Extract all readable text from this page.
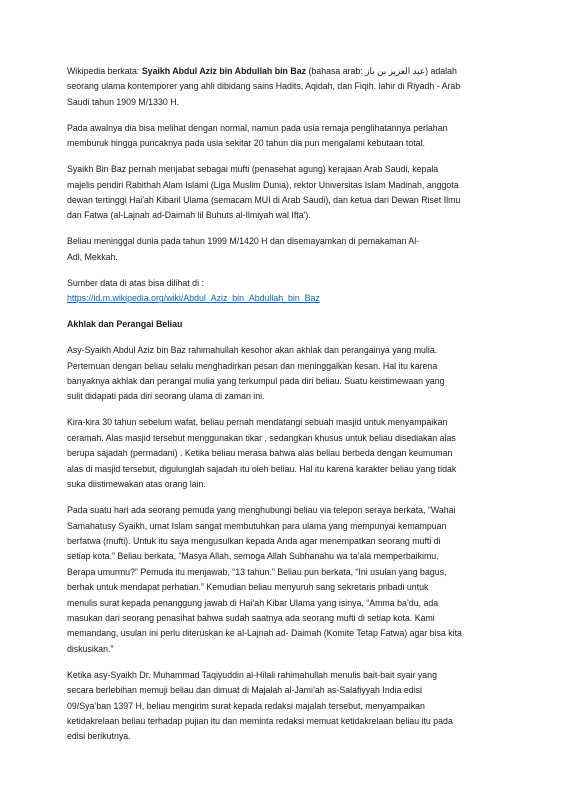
Wikipedia berkata: Syaikh Abdul Aziz bin Abdullah bin Baz (bahasa arab: عبد العزيز بن باز) adalah
seorang ulama kontemporer yang ahli dibidang sains Hadits, Aqidah, dan Fiqih. lahir di Riyadh - Arab
Saudi tahun 1909 M/1330 H.

Pada awalnya dia bisa melihat dengan normal, namun pada usia remaja penglihatannya perlahan
memburuk hingga puncaknya pada usia sekitar 20 tahun dia pun mengalami kebutaan total.

Syaikh Bin Baz pernah menjabat sebagai mufti (penasehat agung) kerajaan Arab Saudi, kepala
majelis pendiri Rabithah Alam Islami (Liga Muslim Dunia), rektor Universitas Islam Madinah, anggota
dewan tertinggi Hai'ah Kibaril Ulama (semacam MUI di Arab Saudi), dan ketua dari Dewan Riset Ilmu
dan Fatwa (al-Lajnah ad-Daimah lil Buhuts al-Ilmiyah wal Ifta').

Beliau meninggal dunia pada tahun 1999 M/1420 H dan disemayamkan di pemakaman Al-
Adl, Mekkah.

Sumber data di atas bisa dilihat di :
https://id.m.wikipedia.org/wiki/Abdul_Aziz_bin_Abdullah_bin_Baz

Akhlak dan Perangai Beliau

Asy-Syaikh Abdul Aziz bin Baz rahimahullah kesohor akan akhlak dan perangainya yang mulia.
Pertemuan dengan beliau selalu menghadirkan pesan dan meninggalkan kesan. Hal itu karena
banyaknya akhlak dan perangai mulia yang terkumpul pada diri beliau. Suatu keistimewaan yang
sulit didapati pada diri seorang ulama di zaman ini.

Kira-kira 30 tahun sebelum wafat, beliau pernah mendatangi sebuah masjid untuk menyampaikan
ceramah. Alas masjid tersebut menggunakan tikar , sedangkan khusus untuk beliau disediakan alas
berupa sajadah (permadani) . Ketika beliau merasa bahwa alas beliau berbeda dengan keumuman
alas di masjid tersebut, digulunglah sajadah itu oleh beliau. Hal itu karena karakter beliau yang tidak
suka diistimewakan atas orang lain.

Pada suatu hari ada seorang pemuda yang menghubungi beliau via telepon seraya berkata, “Wahai
Samahatusy Syaikh, umat Islam sangat membutuhkan para ulama yang mempunyai kemampuan
berfatwa (mufti). Untuk itu saya mengusulkan kepada Anda agar menempatkan seorang mufti di
setiap kota.” Beliau berkata, “Masya Allah, semoga Allah Subhanahu wa ta’ala memperbaikimu.
Berapa umurmu?” Pemuda itu menjawab, “13 tahun.” Beliau pun berkata, “Ini usulan yang bagus,
berhak untuk mendapat perhatian.” Kemudian beliau menyuruh sang sekretaris pribadi untuk
menulis surat kepada penanggung jawab di Hai’ah Kibar Ulama yang isinya, “Amma ba’du, ada
masukan dari seorang penasihat bahwa sudah saatnya ada seorang mufti di setiap kota. Kami
memandang, usulan ini perlu diteruskan ke al-Lajnah ad- Daimah (Komite Tetap Fatwa) agar bisa kita
diskusikan.”

Ketika asy-Syaikh Dr. Muhammad Taqiyuddin al-Hilali rahimahullah menulis bait-bait syair yang
secara berlebihan memuji beliau dan dimuat di Majalah al-Jami’ah as-Salafiyyah India edisi
09/Sya’ban 1397 H, beliau mengirim surat kepada redaksi majalah tersebut, menyampaikan
ketidakrelaan beliau terhadap pujian itu dan meminta redaksi memuat ketidakrelaan beliau itu pada
edisi berikutnya.
